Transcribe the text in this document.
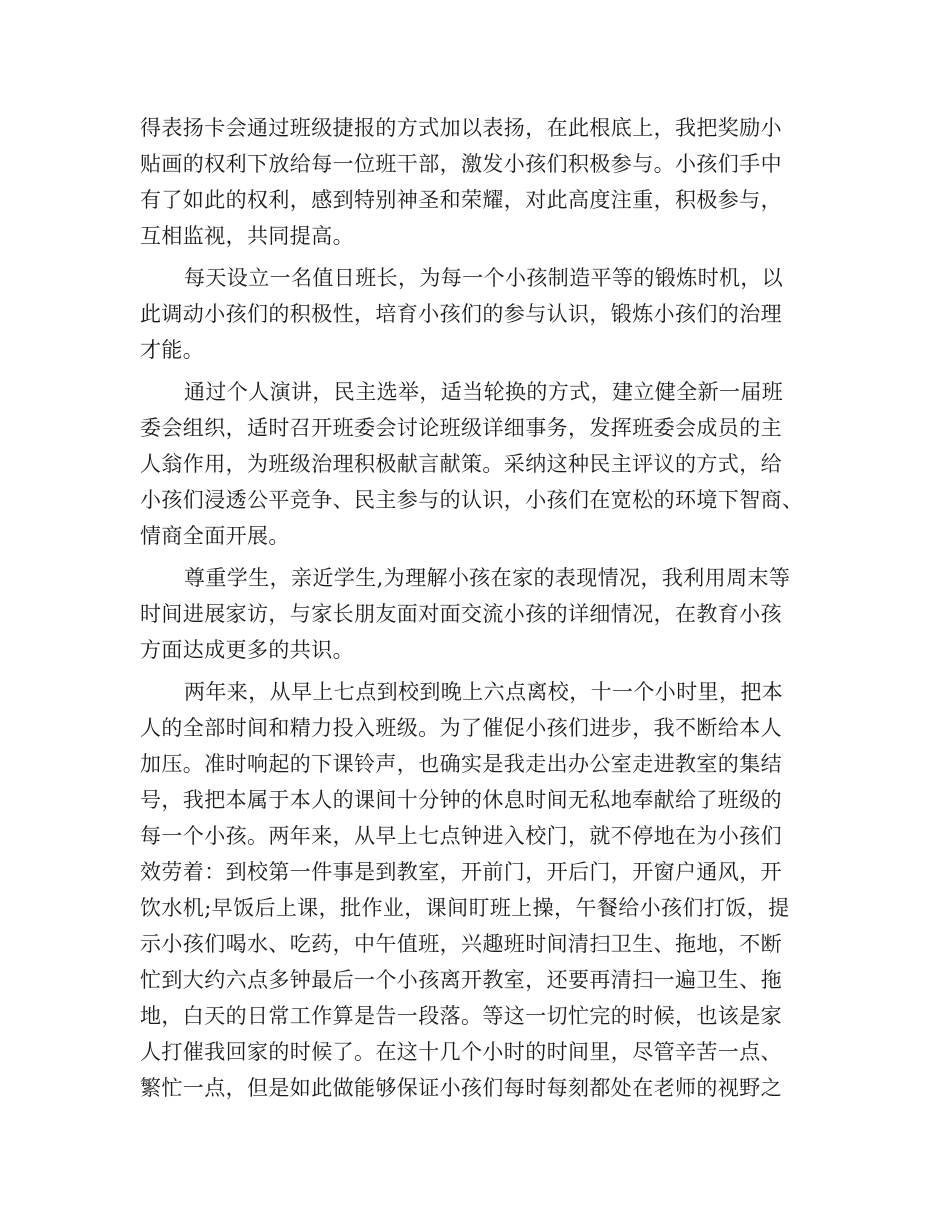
得表扬卡会通过班级捷报的方式加以表扬，在此根底上，我把奖励小
贴画的权利下放给每一位班干部，激发小孩们积极参与。小孩们手中
有了如此的权利，感到特别神圣和荣耀，对此高度注重，积极参与，
互相监视，共同提高。
每天设立一名值日班长，为每一个小孩制造平等的锻炼时机，以
此调动小孩们的积极性，培育小孩们的参与认识，锻炼小孩们的治理
才能。
通过个人演讲，民主选举，适当轮换的方式，建立健全新一届班
委会组织，适时召开班委会讨论班级详细事务，发挥班委会成员的主
人翁作用，为班级治理积极献言献策。采纳这种民主评议的方式，给
小孩们浸透公平竞争、民主参与的认识，小孩们在宽松的环境下智商、
情商全面开展。
尊重学生，亲近学生,为理解小孩在家的表现情况，我利用周末等
时间进展家访，与家长朋友面对面交流小孩的详细情况，在教育小孩
方面达成更多的共识。
两年来，从早上七点到校到晚上六点离校，十一个小时里，把本
人的全部时间和精力投入班级。为了催促小孩们进步，我不断给本人
加压。准时响起的下课铃声，也确实是我走出办公室走进教室的集结
号，我把本属于本人的课间十分钟的休息时间无私地奉献给了班级的
每一个小孩。两年来，从早上七点钟进入校门，就不停地在为小孩们
效劳着：到校第一件事是到教室，开前门，开后门，开窗户通风，开
饮水机;早饭后上课，批作业，课间盯班上操，午餐给小孩们打饭，提
示小孩们喝水、吃药，中午值班，兴趣班时间清扫卫生、拖地，不断
忙到大约六点多钟最后一个小孩离开教室，还要再清扫一遍卫生、拖
地，白天的日常工作算是告一段落。等这一切忙完的时候，也该是家
人打催我回家的时候了。在这十几个小时的时间里，尽管辛苦一点、
繁忙一点，但是如此做能够保证小孩们每时每刻都处在老师的视野之
